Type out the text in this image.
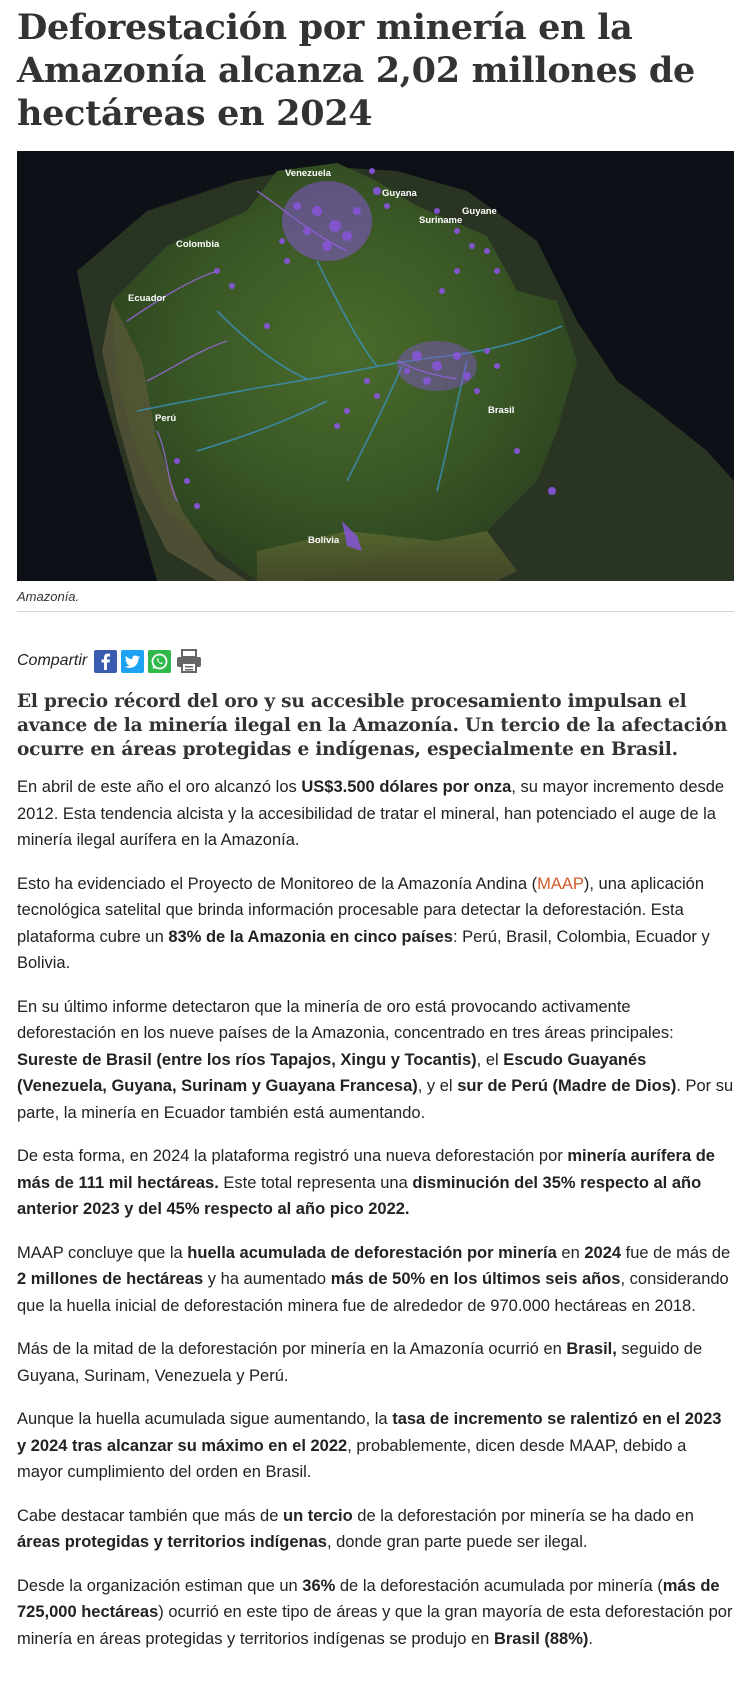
Deforestación por minería en la Amazonía alcanza 2,02 millones de hectáreas en 2024
Venezuela
Guyana
Guyane
Suriname
Colombia
Ecuador
Perú
Brasil
Bolivia
Amazonía.
Compartir

El precio récord del oro y su accesible procesamiento impulsan el avance de la minería ilegal en la Amazonía. Un tercio de la afectación ocurre en áreas protegidas e indígenas, especialmente en Brasil.

En abril de este año el oro alcanzó los US$3.500 dólares por onza, su mayor incremento desde 2012. Esta tendencia alcista y la accesibilidad de tratar el mineral, han potenciado el auge de la minería ilegal aurífera en la Amazonía.

Esto ha evidenciado el Proyecto de Monitoreo de la Amazonía Andina (MAAP), una aplicación tecnológica satelital que brinda información procesable para detectar la deforestación. Esta plataforma cubre un 83% de la Amazonia en cinco países: Perú, Brasil, Colombia, Ecuador y Bolivia.

En su último informe detectaron que la minería de oro está provocando activamente deforestación en los nueve países de la Amazonia, concentrado en tres áreas principales: Sureste de Brasil (entre los ríos Tapajos, Xingu y Tocantis), el Escudo Guayanés (Venezuela, Guyana, Surinam y Guayana Francesa), y el sur de Perú (Madre de Dios). Por su parte, la minería en Ecuador también está aumentando.

De esta forma, en 2024 la plataforma registró una nueva deforestación por minería aurífera de más de 111 mil hectáreas. Este total representa una disminución del 35% respecto al año anterior 2023 y del 45% respecto al año pico 2022.

MAAP concluye que la huella acumulada de deforestación por minería en 2024 fue de más de 2 millones de hectáreas y ha aumentado más de 50% en los últimos seis años, considerando que la huella inicial de deforestación minera fue de alrededor de 970.000 hectáreas en 2018.

Más de la mitad de la deforestación por minería en la Amazonía ocurrió en Brasil, seguido de Guyana, Surinam, Venezuela y Perú.

Aunque la huella acumulada sigue aumentando, la tasa de incremento se ralentizó en el 2023 y 2024 tras alcanzar su máximo en el 2022, probablemente, dicen desde MAAP, debido a mayor cumplimiento del orden en Brasil.

Cabe destacar también que más de un tercio de la deforestación por minería se ha dado en áreas protegidas y territorios indígenas, donde gran parte puede ser ilegal.

Desde la organización estiman que un 36% de la deforestación acumulada por minería (más de 725,000 hectáreas) ocurrió en este tipo de áreas y que la gran mayoría de esta deforestación por minería en áreas protegidas y territorios indígenas se produjo en Brasil (88%).
